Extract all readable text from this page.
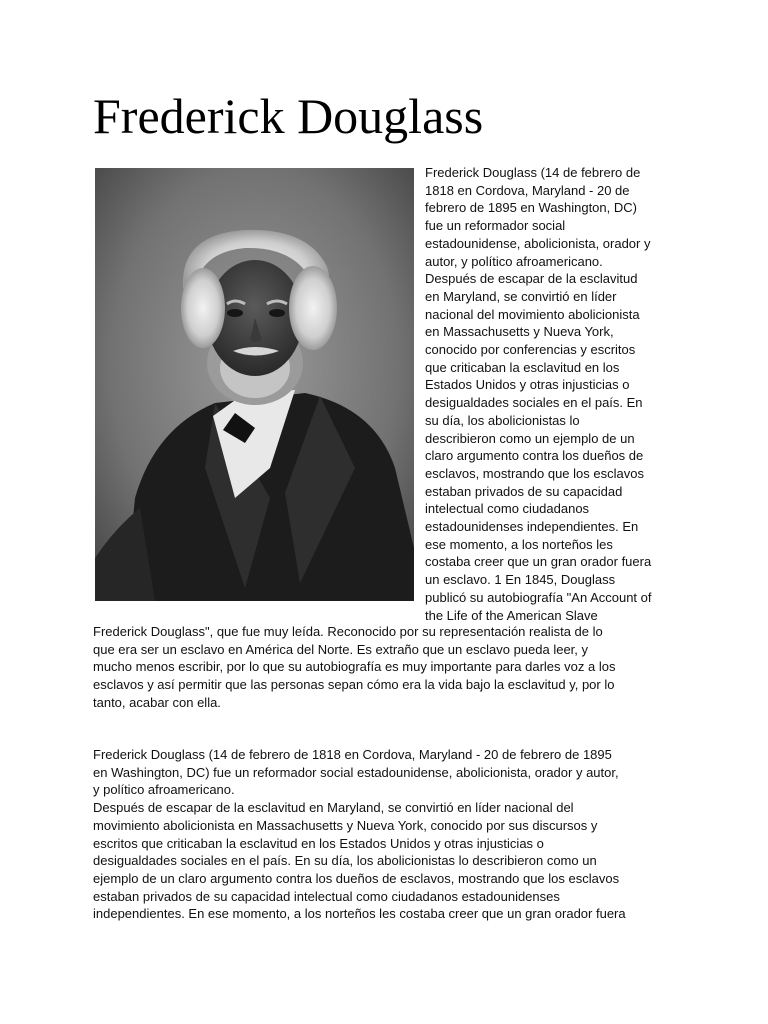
Frederick Douglass
Frederick Douglass (14 de febrero de
1818 en Cordova, Maryland - 20 de
febrero de 1895 en Washington, DC)
fue un reformador social
estadounidense, abolicionista, orador y
autor, y político afroamericano.
Después de escapar de la esclavitud
en Maryland, se convirtió en líder
nacional del movimiento abolicionista
en Massachusetts y Nueva York,
conocido por conferencias y escritos
que criticaban la esclavitud en los
Estados Unidos y otras injusticias o
desigualdades sociales en el país. En
su día, los abolicionistas lo
describieron como un ejemplo de un
claro argumento contra los dueños de
esclavos, mostrando que los esclavos
estaban privados de su capacidad
intelectual como ciudadanos
estadounidenses independientes. En
ese momento, a los norteños les
costaba creer que un gran orador fuera
un esclavo. 1 En 1845, Douglass
publicó su autobiografía "An Account of
the Life of the American Slave
Frederick Douglass", que fue muy leída. Reconocido por su representación realista de lo
que era ser un esclavo en América del Norte. Es extraño que un esclavo pueda leer, y
mucho menos escribir, por lo que su autobiografía es muy importante para darles voz a los
esclavos y así permitir que las personas sepan cómo era la vida bajo la esclavitud y, por lo
tanto, acabar con ella.
Frederick Douglass (14 de febrero de 1818 en Cordova, Maryland - 20 de febrero de 1895
en Washington, DC) fue un reformador social estadounidense, abolicionista, orador y autor,
y político afroamericano.
Después de escapar de la esclavitud en Maryland, se convirtió en líder nacional del
movimiento abolicionista en Massachusetts y Nueva York, conocido por sus discursos y
escritos que criticaban la esclavitud en los Estados Unidos y otras injusticias o
desigualdades sociales en el país. En su día, los abolicionistas lo describieron como un
ejemplo de un claro argumento contra los dueños de esclavos, mostrando que los esclavos
estaban privados de su capacidad intelectual como ciudadanos estadounidenses
independientes. En ese momento, a los norteños les costaba creer que un gran orador fuera
